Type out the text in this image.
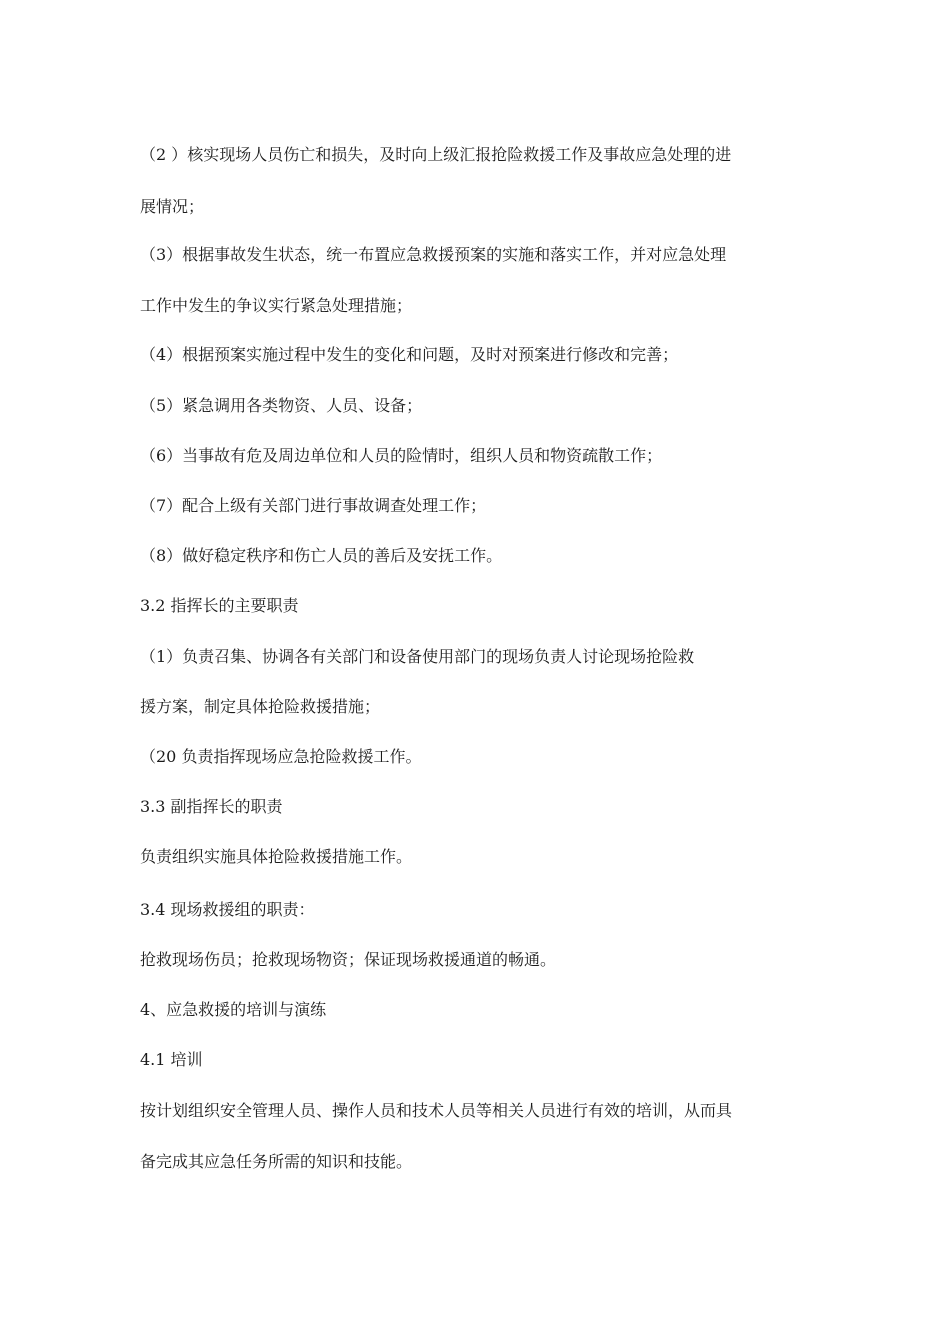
（2 ）核实现场人员伤亡和损失，及时向上级汇报抢险救援工作及事故应急处理的进
展情况；
（3）根据事故发生状态，统一布置应急救援预案的实施和落实工作，并对应急处理
工作中发生的争议实行紧急处理措施；
（4）根据预案实施过程中发生的变化和问题，及时对预案进行修改和完善；
（5）紧急调用各类物资、人员、设备；
（6）当事故有危及周边单位和人员的险情时，组织人员和物资疏散工作；
（7）配合上级有关部门进行事故调查处理工作；
（8）做好稳定秩序和伤亡人员的善后及安抚工作。
3.2 指挥长的主要职责
（1）负责召集、协调各有关部门和设备使用部门的现场负责人讨论现场抢险救
援方案，制定具体抢险救援措施；
（20 负责指挥现场应急抢险救援工作。
3.3 副指挥长的职责
负责组织实施具体抢险救援措施工作。
3.4 现场救援组的职责：
抢救现场伤员；抢救现场物资；保证现场救援通道的畅通。
4、应急救援的培训与演练
4.1 培训
按计划组织安全管理人员、操作人员和技术人员等相关人员进行有效的培训，从而具
备完成其应急任务所需的知识和技能。
